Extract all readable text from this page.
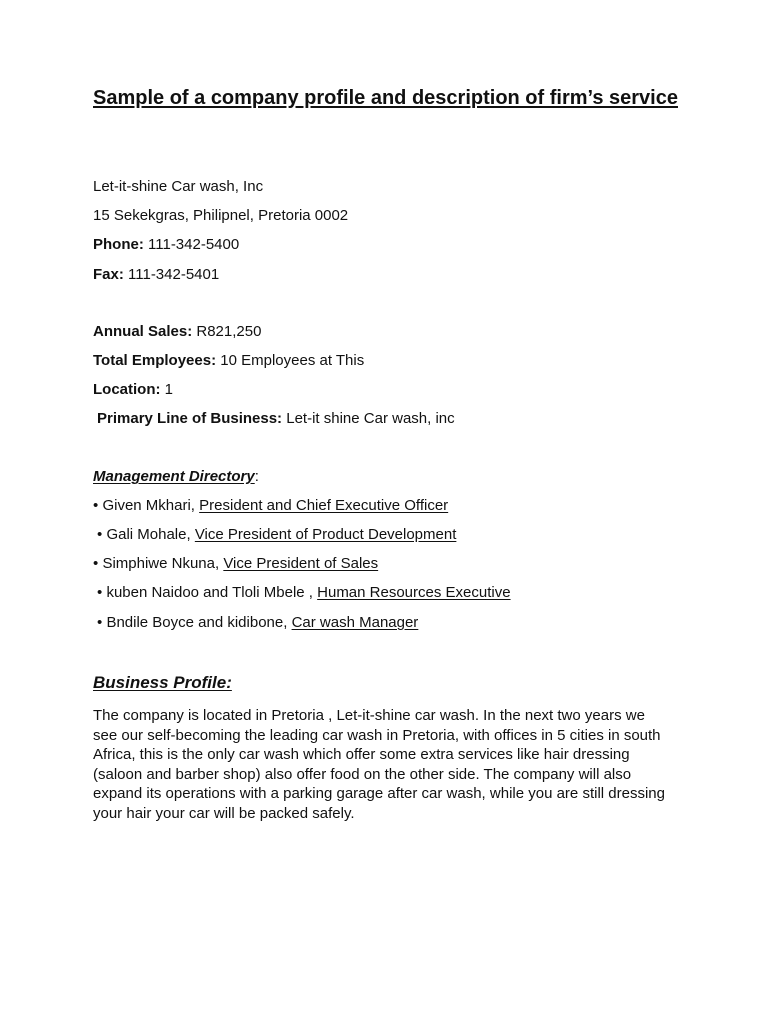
Sample of a company profile and description of firm’s service
Let-it-shine Car wash, Inc
15 Sekekgras, Philipnel, Pretoria 0002
Phone: 111-342-5400
Fax: 111-342-5401
Annual Sales: R821,250
Total Employees: 10 Employees at This
Location: 1
Primary Line of Business: Let-it shine Car wash, inc
Management Directory:
• Given Mkhari, President and Chief Executive Officer
• Gali Mohale, Vice President of Product Development
• Simphiwe Nkuna, Vice President of Sales
• kuben Naidoo and Tloli Mbele , Human Resources Executive
• Bndile Boyce and kidibone, Car wash Manager
Business Profile:

The company is located in Pretoria , Let-it-shine car wash. In the next two years we see our self-becoming the leading car wash in Pretoria, with offices in 5 cities in south Africa, this is the only car wash which offer some extra services like hair dressing (saloon and barber shop) also offer food on the other side. The company will also expand its operations with a parking garage after car wash, while you are still dressing your hair your car will be packed safely.
